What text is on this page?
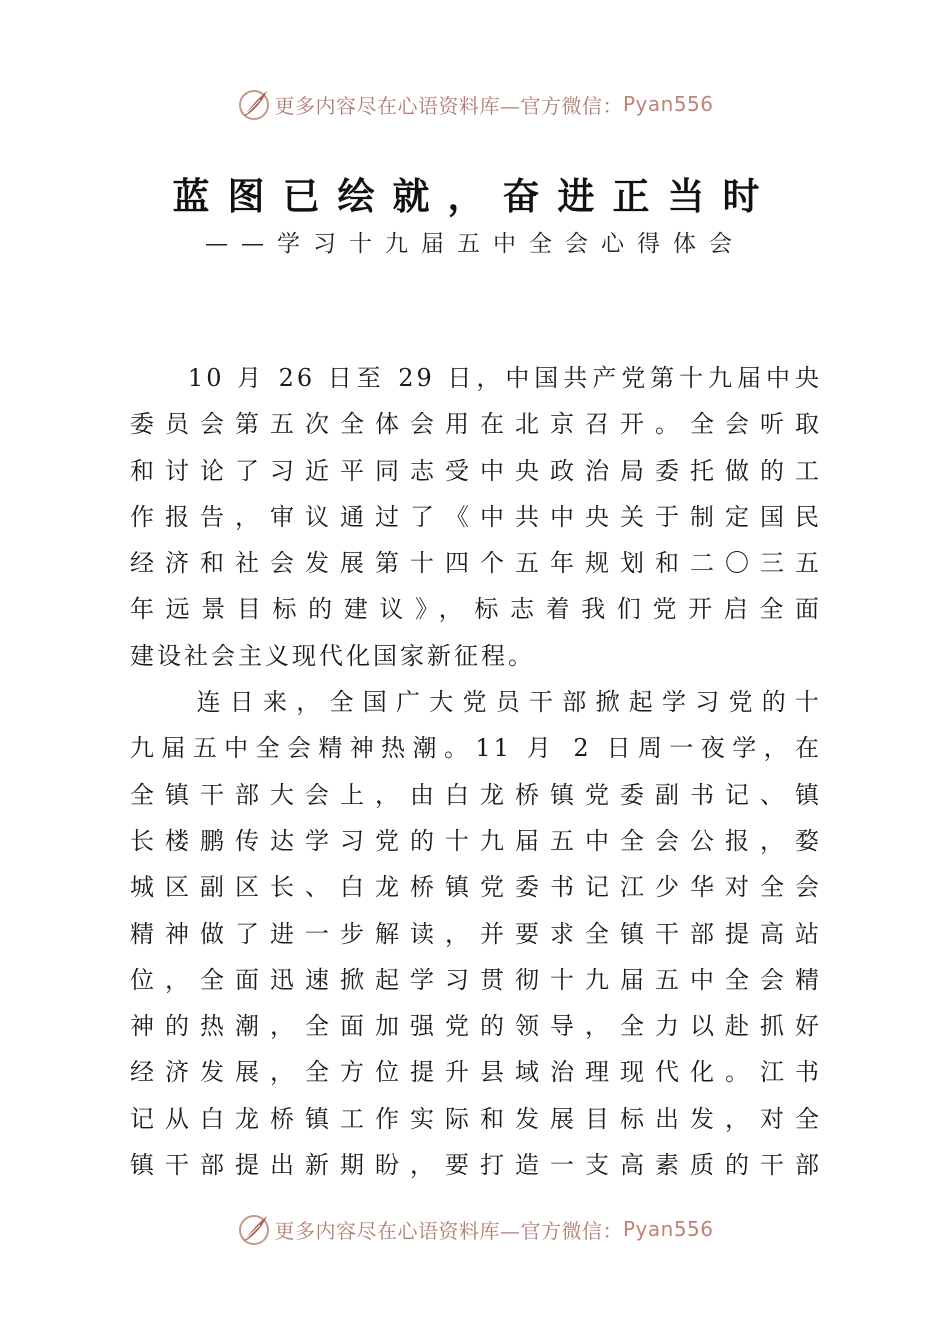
更多内容尽在心语资料库—官方微信： Pyan556
蓝图已绘就，奋进正当时
——学习十九届五中全会心得体会

　　10 月 26 日至 29 日，中国共产党第十九届中央
委员会第五次全体会用在北京召开。全会听取
和讨论了习近平同志受中央政治局委托做的工
作报告，审议通过了《中共中央关于制定国民
经济和社会发展第十四个五年规划和二〇三五
年远景目标的建议》，标志着我们党开启全面
建设社会主义现代化国家新征程。

　　连日来，全国广大党员干部掀起学习党的十
九届五中全会精神热潮。11 月 2 日周一夜学，在
全镇干部大会上，由白龙桥镇党委副书记、镇
长楼鹏传达学习党的十九届五中全会公报，婺
城区副区长、白龙桥镇党委书记江少华对全会
精神做了进一步解读，并要求全镇干部提高站
位，全面迅速掀起学习贯彻十九届五中全会精
神的热潮，全面加强党的领导，全力以赴抓好
经济发展，全方位提升县域治理现代化。江书
记从白龙桥镇工作实际和发展目标出发，对全
镇干部提出新期盼，要打造一支高素质的干部

更多内容尽在心语资料库—官方微信： Pyan556
